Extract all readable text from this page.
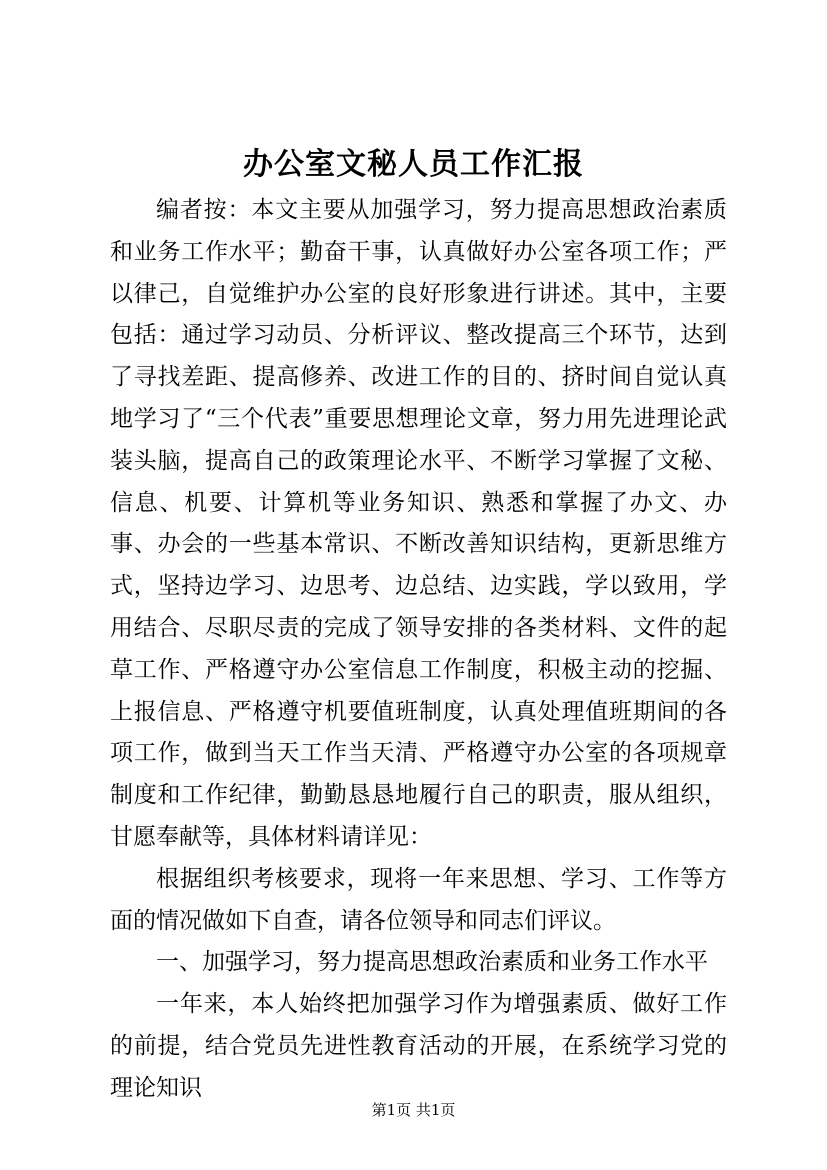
办公室文秘人员工作汇报

编者按：本文主要从加强学习，努力提高思想政治素质和业务工作水平；勤奋干事，认真做好办公室各项工作；严以律己，自觉维护办公室的良好形象进行讲述。其中，主要包括：通过学习动员、分析评议、整改提高三个环节，达到了寻找差距、提高修养、改进工作的目的、挤时间自觉认真地学习了“三个代表”重要思想理论文章，努力用先进理论武装头脑，提高自己的政策理论水平、不断学习掌握了文秘、信息、机要、计算机等业务知识、熟悉和掌握了办文、办事、办会的一些基本常识、不断改善知识结构，更新思维方式，坚持边学习、边思考、边总结、边实践，学以致用，学用结合、尽职尽责的完成了领导安排的各类材料、文件的起草工作、严格遵守办公室信息工作制度，积极主动的挖掘、上报信息、严格遵守机要值班制度，认真处理值班期间的各项工作，做到当天工作当天清、严格遵守办公室的各项规章制度和工作纪律，勤勤恳恳地履行自己的职责，服从组织，甘愿奉献等，具体材料请详见：

根据组织考核要求，现将一年来思想、学习、工作等方面的情况做如下自查，请各位领导和同志们评议。

一、加强学习，努力提高思想政治素质和业务工作水平

一年来，本人始终把加强学习作为增强素质、做好工作的前提，结合党员先进性教育活动的开展，在系统学习党的理论知识

第1页 共1页
